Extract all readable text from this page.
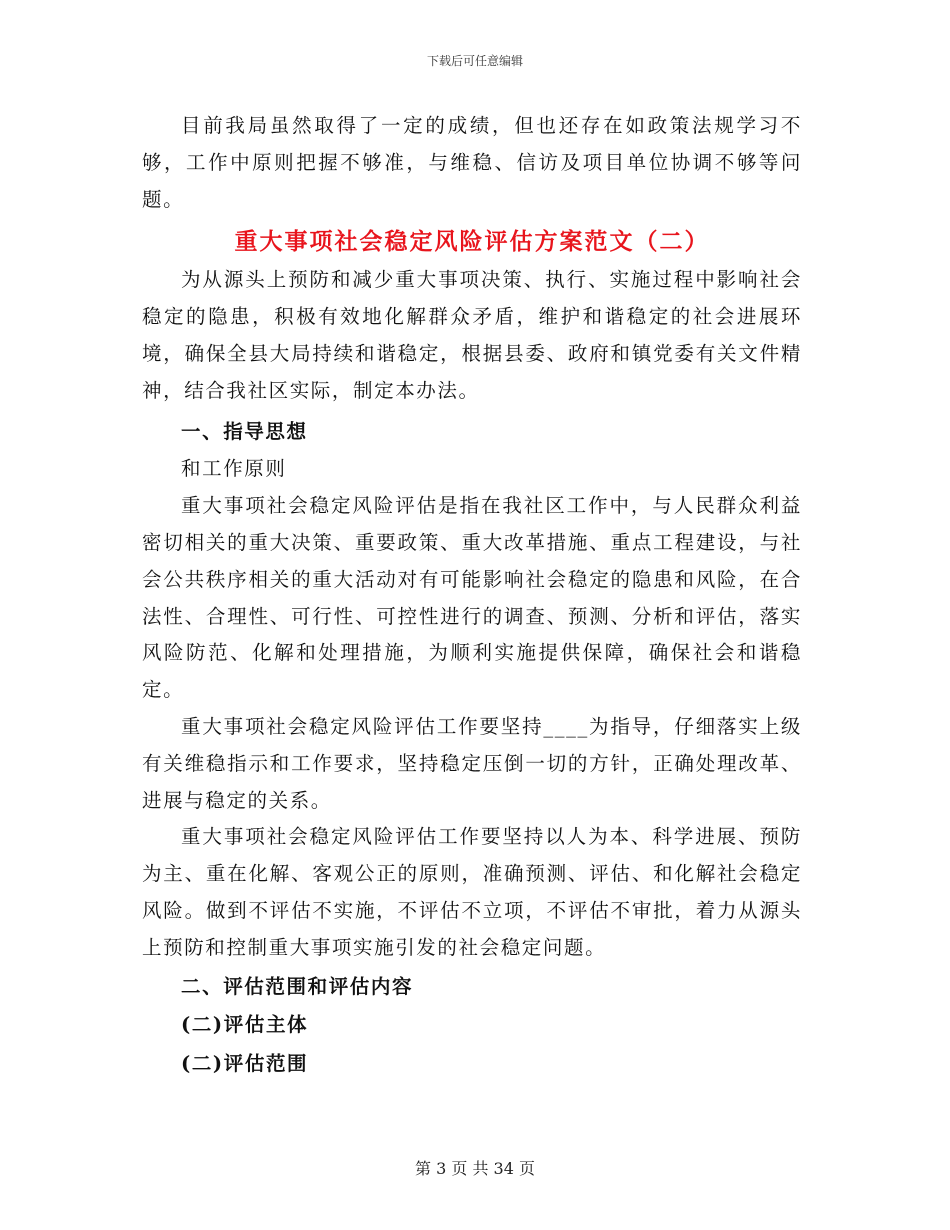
下载后可任意编辑

目前我局虽然取得了一定的成绩，但也还存在如政策法规学习不够，工作中原则把握不够准，与维稳、信访及项目单位协调不够等问题。

重大事项社会稳定风险评估方案范文（二）

为从源头上预防和减少重大事项决策、执行、实施过程中影响社会稳定的隐患，积极有效地化解群众矛盾，维护和谐稳定的社会进展环境，确保全县大局持续和谐稳定，根据县委、政府和镇党委有关文件精神，结合我社区实际，制定本办法。

一、指导思想

和工作原则

重大事项社会稳定风险评估是指在我社区工作中，与人民群众利益密切相关的重大决策、重要政策、重大改革措施、重点工程建设，与社会公共秩序相关的重大活动对有可能影响社会稳定的隐患和风险，在合法性、合理性、可行性、可控性进行的调查、预测、分析和评估，落实风险防范、化解和处理措施，为顺利实施提供保障，确保社会和谐稳定。

重大事项社会稳定风险评估工作要坚持____为指导，仔细落实上级有关维稳指示和工作要求，坚持稳定压倒一切的方针，正确处理改革、进展与稳定的关系。

重大事项社会稳定风险评估工作要坚持以人为本、科学进展、预防为主、重在化解、客观公正的原则，准确预测、评估、和化解社会稳定风险。做到不评估不实施，不评估不立项，不评估不审批，着力从源头上预防和控制重大事项实施引发的社会稳定问题。

二、评估范围和评估内容
(二)评估主体
(二)评估范围
第 3 页 共 34 页
